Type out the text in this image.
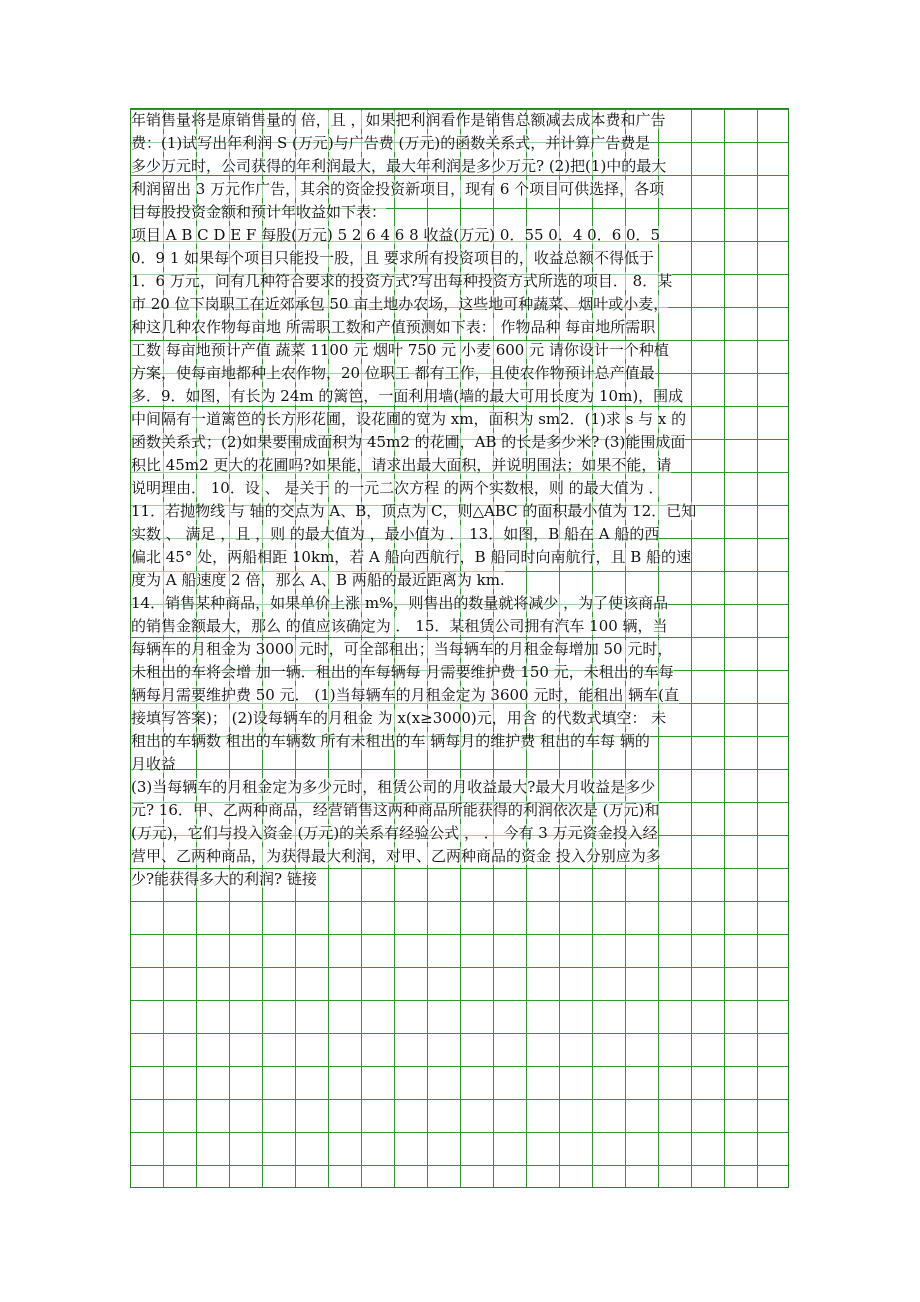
年销售量将是原销售量的 倍，且 ，如果把利润看作是销售总额减去成本费和广告
费：(1)试写出年利润 S (万元)与广告费 (万元)的函数关系式，并计算广告费是
多少万元时，公司获得的年利润最大，最大年利润是多少万元? (2)把(1)中的最大
利润留出 3 万元作广告，其余的资金投资新项目，现有 6 个项目可供选择，各项
目每股投资金额和预计年收益如下表：
项目 A B C D E F 每股(万元) 5 2 6 4 6 8 收益(万元) 0．55 0．4 0．6 0．5
0．9 1 如果每个项目只能投一股，且 要求所有投资项目的，收益总额不得低于
1．6 万元，问有几种符合要求的投资方式?写出每种投资方式所选的项目． 8．某
市 20 位下岗职工在近郊承包 50 亩土地办农场，这些地可种蔬菜、烟叶或小麦，
种这几种农作物每亩地 所需职工数和产值预测如下表： 作物品种 每亩地所需职
工数 每亩地预计产值 蔬菜 1100 元 烟叶 750 元 小麦 600 元 请你设计一个种植
方案，使每亩地都种上农作物，20 位职工 都有工作，且使农作物预计总产值最
多．9．如图，有长为 24m 的篱笆，一面利用墙(墙的最大可用长度为 10m)，围成
中间隔有一道篱笆的长方形花圃，设花圃的宽为 xm，面积为 sm2．(1)求 s 与 x 的
函数关系式；(2)如果要围成面积为 45m2 的花圃，AB 的长是多少米? (3)能围成面
积比 45m2 更大的花圃吗?如果能，请求出最大面积，并说明围法；如果不能，请
说明理由． 10．设 、 是关于 的一元二次方程 的两个实数根，则 的最大值为 ．
11．若抛物线 与 轴的交点为 A、B，顶点为 C，则△ABC 的面积最小值为 12．已知
实数 、 满足 ，且 ，则 的最大值为 ，最小值为 ． 13．如图，B 船在 A 船的西
偏北 45° 处，两船相距 10km，若 A 船向西航行，B 船同时向南航行，且 B 船的速
度为 A 船速度 2 倍，那么 A、B 两船的最近距离为 km.
14．销售某种商品，如果单价上涨 m%，则售出的数量就将减少 ，为了使该商品
的销售金额最大，那么 的值应该确定为 ． 15．某租赁公司拥有汽车 100 辆，当
每辆车的月租金为 3000 元时，可全部租出；当每辆车的月租金每增加 50 元时，
未租出的车将会增 加一辆．租出的车每辆每 月需要维护费 150 元，未租出的车每
辆每月需要维护费 50 元． (1)当每辆车的月租金定为 3600 元时，能租出 辆车(直
接填写答案)； (2)设每辆车的月租金 为 x(x≥3000)元，用含 的代数式填空： 未
租出的车辆数 租出的车辆数 所有未租出的车 辆每月的维护费 租出的车每 辆的
月收益
(3)当每辆车的月租金定为多少元时，租赁公司的月收益最大?最大月收益是多少
元? 16．甲、乙两种商品，经营销售这两种商品所能获得的利润依次是 (万元)和
(万元)，它们与投入资金 (万元)的关系有经验公式 ， ． 今有 3 万元资金投入经
营甲、乙两种商品，为获得最大利润，对甲、乙两种商品的资金 投入分别应为多
少?能获得多大的利润? 链接
